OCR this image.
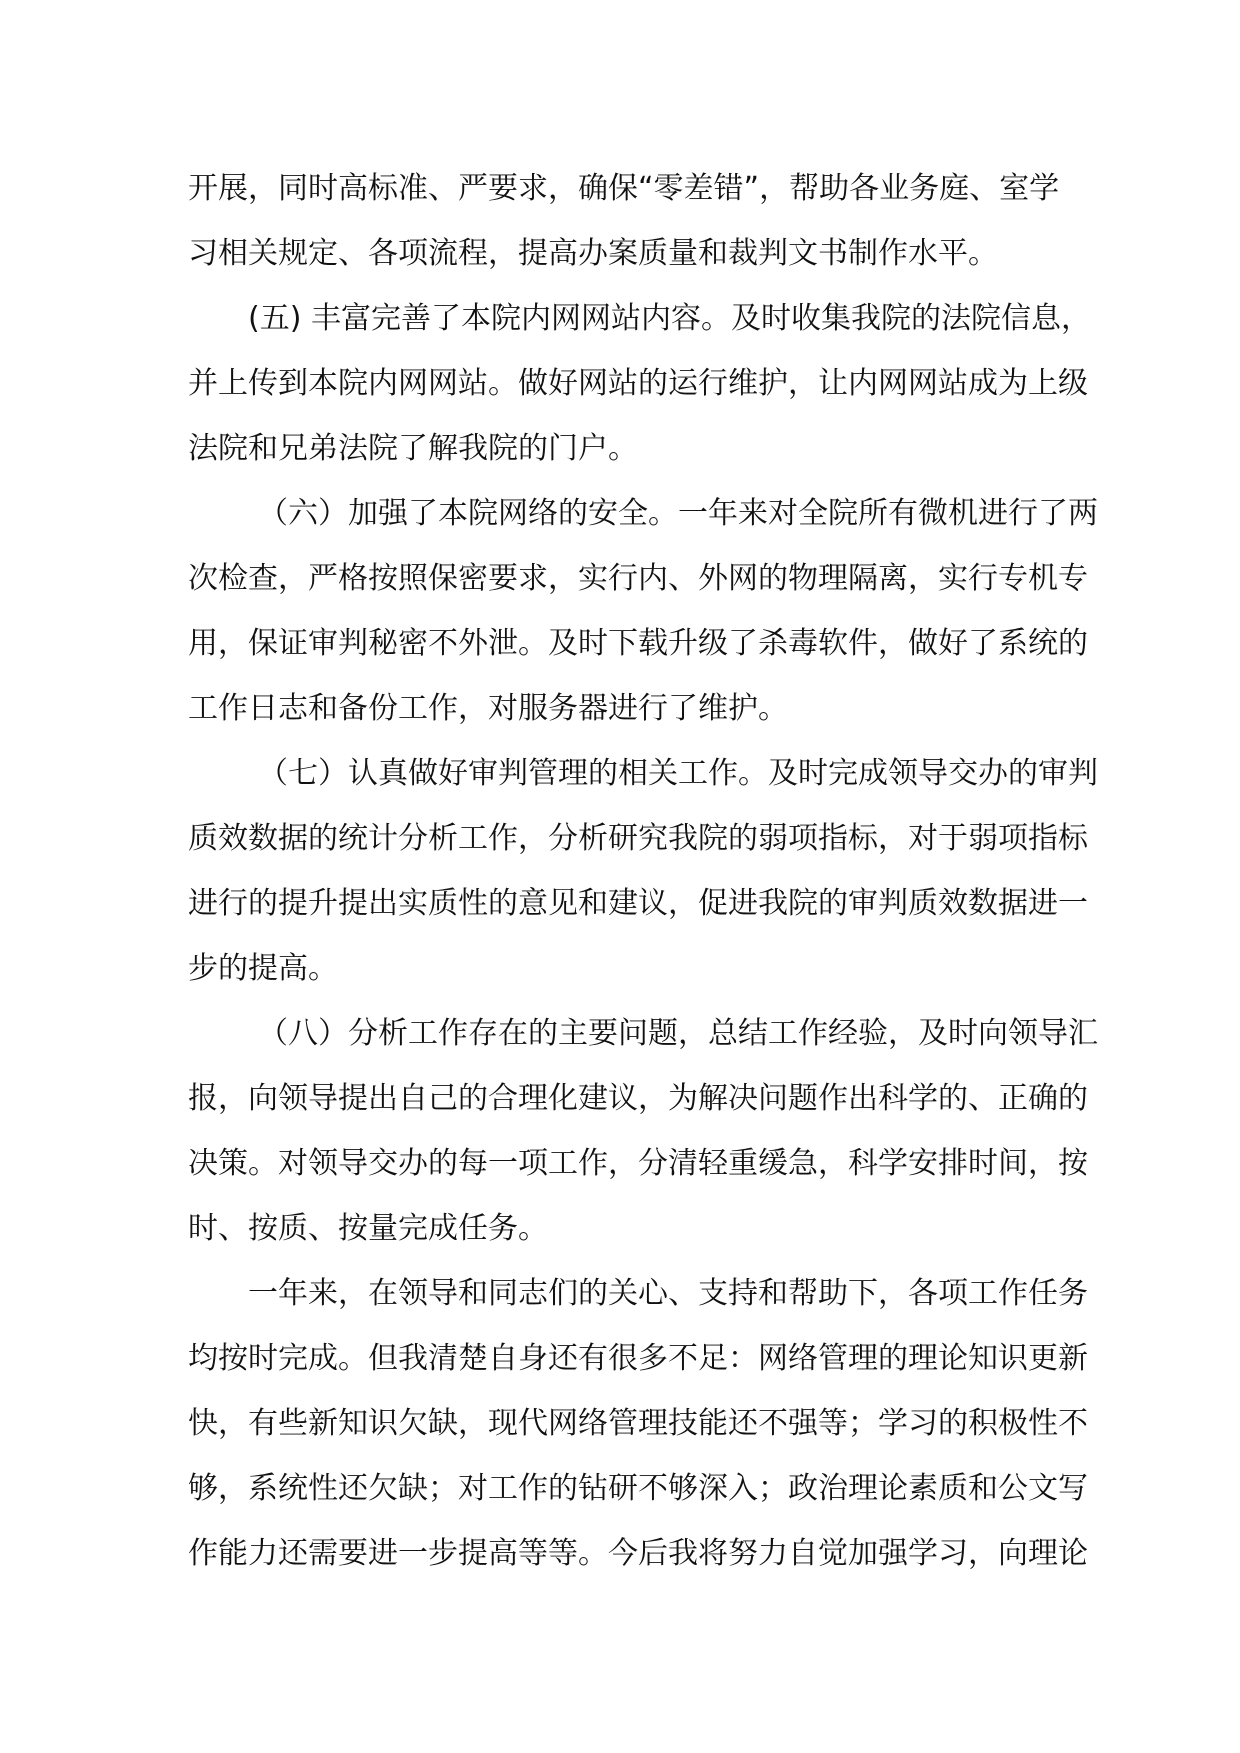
开展，同时高标准、严要求，确保“零差错”，帮助各业务庭、室学
习相关规定、各项流程，提高办案质量和裁判文书制作水平。
(五) 丰富完善了本院内网网站内容。及时收集我院的法院信息，
并上传到本院内网网站。做好网站的运行维护，让内网网站成为上级
法院和兄弟法院了解我院的门户。
（六）加强了本院网络的安全。一年来对全院所有微机进行了两
次检查，严格按照保密要求，实行内、外网的物理隔离，实行专机专
用，保证审判秘密不外泄。及时下载升级了杀毒软件，做好了系统的
工作日志和备份工作，对服务器进行了维护。
（七）认真做好审判管理的相关工作。及时完成领导交办的审判
质效数据的统计分析工作，分析研究我院的弱项指标，对于弱项指标
进行的提升提出实质性的意见和建议，促进我院的审判质效数据进一
步的提高。
（八）分析工作存在的主要问题，总结工作经验，及时向领导汇
报，向领导提出自己的合理化建议，为解决问题作出科学的、正确的
决策。对领导交办的每一项工作，分清轻重缓急，科学安排时间，按
时、按质、按量完成任务。
一年来，在领导和同志们的关心、支持和帮助下，各项工作任务
均按时完成。但我清楚自身还有很多不足：网络管理的理论知识更新
快，有些新知识欠缺，现代网络管理技能还不强等；学习的积极性不
够，系统性还欠缺；对工作的钻研不够深入；政治理论素质和公文写
作能力还需要进一步提高等等。今后我将努力自觉加强学习，向理论
